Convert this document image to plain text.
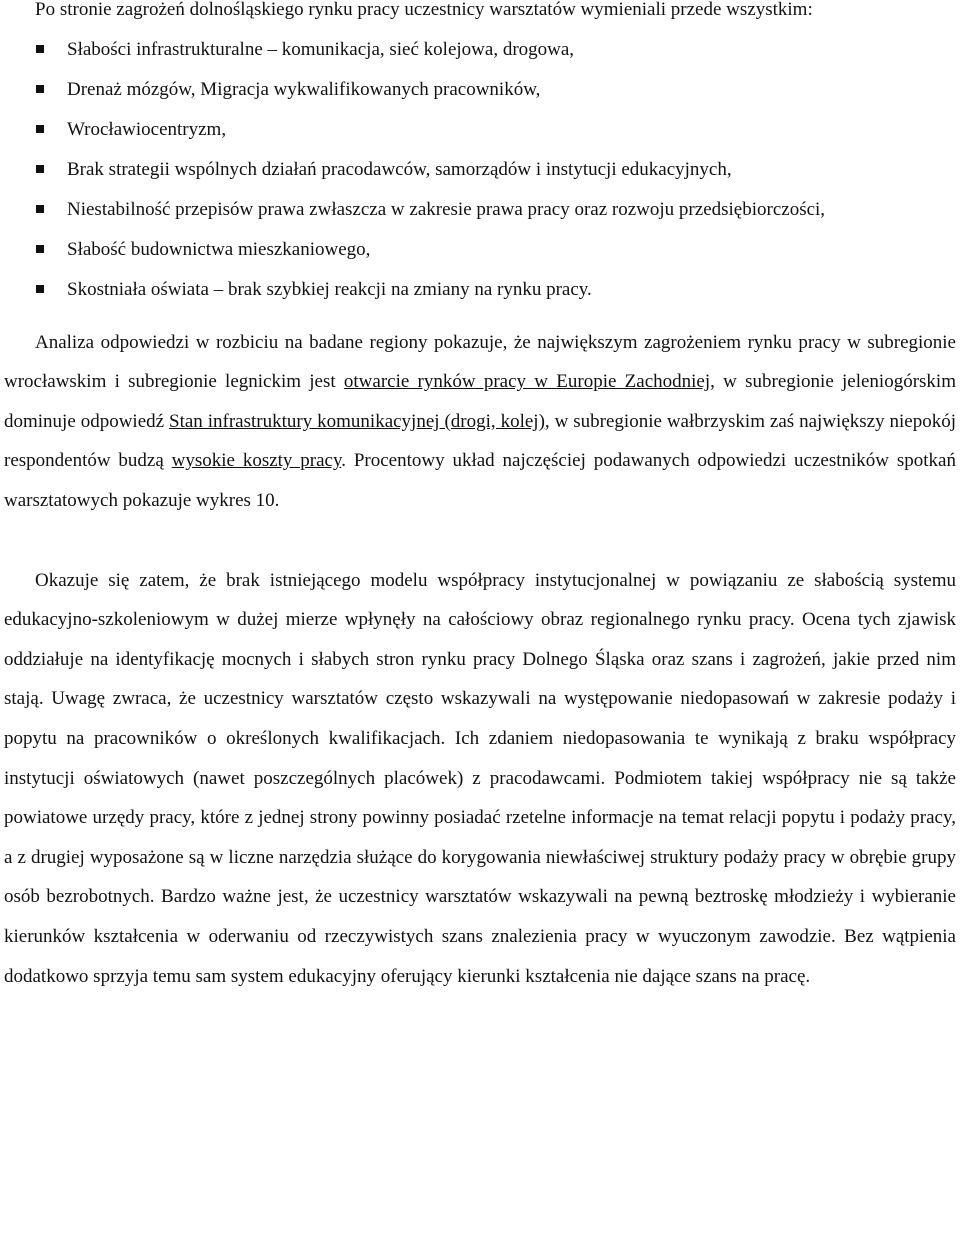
Po stronie zagrożeń dolnośląskiego rynku pracy uczestnicy warsztatów wymieniali przede wszystkim:

Słabości infrastrukturalne – komunikacja, sieć kolejowa, drogowa,
Drenaż mózgów, Migracja wykwalifikowanych pracowników,
Wrocławiocentryzm,
Brak strategii wspólnych działań pracodawców, samorządów i instytucji edukacyjnych,
Niestabilność przepisów prawa zwłaszcza w zakresie prawa pracy oraz rozwoju przedsiębiorczości,
Słabość budownictwa mieszkaniowego,
Skostniała oświata – brak szybkiej reakcji na zmiany na rynku pracy.

Analiza odpowiedzi w rozbiciu na badane regiony pokazuje, że największym zagrożeniem rynku pracy w subregionie wrocławskim i subregionie legnickim jest otwarcie rynków pracy w Europie Zachodniej, w subregionie jeleniogórskim dominuje odpowiedź Stan infrastruktury komunikacyjnej (drogi, kolej), w subregionie wałbrzyskim zaś największy niepokój respondentów budzą wysokie koszty pracy. Procentowy układ najczęściej podawanych odpowiedzi uczestników spotkań warsztatowych pokazuje wykres 10.

Okazuje się zatem, że brak istniejącego modelu współpracy instytucjonalnej w powiązaniu ze słabością systemu edukacyjno-szkoleniowym w dużej mierze wpłynęły na całościowy obraz regionalnego rynku pracy. Ocena tych zjawisk oddziałuje na identyfikację mocnych i słabych stron rynku pracy Dolnego Śląska oraz szans i zagrożeń, jakie przed nim stają. Uwagę zwraca, że uczestnicy warsztatów często wskazywali na występowanie niedopasowań w zakresie podaży i popytu na pracowników o określonych kwalifikacjach. Ich zdaniem niedopasowania te wynikają z braku współpracy instytucji oświatowych (nawet poszczególnych placówek) z pracodawcami. Podmiotem takiej współpracy nie są także powiatowe urzędy pracy, które z jednej strony powinny posiadać rzetelne informacje na temat relacji popytu i podaży pracy, a z drugiej wyposażone są w liczne narzędzia służące do korygowania niewłaściwej struktury podaży pracy w obrębie grupy osób bezrobotnych. Bardzo ważne jest, że uczestnicy warsztatów wskazywali na pewną beztroskę młodzieży i wybieranie kierunków kształcenia w oderwaniu od rzeczywistych szans znalezienia pracy w wyuczonym zawodzie. Bez wątpienia dodatkowo sprzyja temu sam system edukacyjny oferujący kierunki kształcenia nie dające szans na pracę.
